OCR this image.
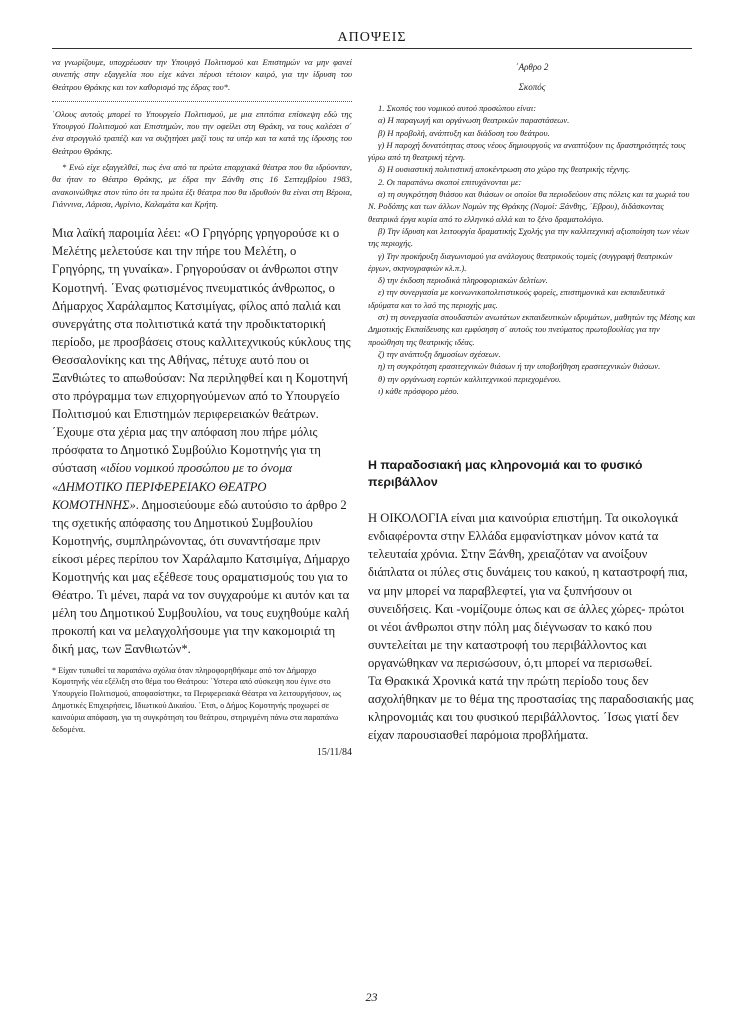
ΑΠΟΨΕΙΣ

να γνωρίζουμε, υποχρέωσαν την Υπουργό Πολιτισμού και Επιστημών να μην φανεί συνεπής στην εξαγγελία που είχε κάνει πέρυσι τέτοιον καιρό, για την ίδρυση του Θεάτρου Θράκης και τον καθορισμό της έδρας του*.

΄Ολους αυτούς μπορεί το Υπουργείο Πολιτισμού, με μια επιτόπια επίσκεψη εδώ της Υπουργού Πολιτισμού και Επιστημών, που την οφείλει στη Θράκη, να τους καλέσει σ΄ ένα στρογγυλό τραπέζι και να συζητήσει μαζί τους τα υπέρ και τα κατά της ίδρυσης του Θεάτρου Θράκης.

* Ενώ είχε εξαγγελθεί, πως ένα από τα πρώτα επαρχιακά θέατρα που θα ιδρύονταν, θα ήταν το Θέατρο Θράκης, με έδρα την Ξάνθη στις 16 Σεπτεμβρίου 1983, ανακοινώθηκε στον τύπο ότι τα πρώτα έξι θέατρα που θα ιδρυθούν θα είναι στη Βέροια, Γιάννινα, Λάρισα, Αγρίνιο, Καλαμάτα και Κρήτη.

Μια λαϊκή παροιμία λέει: «Ο Γρηγόρης γρηγορούσε κι ο Μελέτης μελετούσε και την πήρε του Μελέτη, ο Γρηγόρης, τη γυναίκα». Γρηγορούσαν οι άνθρωποι στην Κομοτηνή. ΄Ενας φωτισμένος πνευματικός άνθρωπος, ο Δήμαρχος Χαράλαμπος Κατσιμίγας, φίλος από παλιά και συνεργάτης στα πολιτιστικά κατά την προδικτατορική περίοδο, με προσβάσεις στους καλλιτεχνικούς κύκλους της Θεσσαλονίκης και της Αθήνας, πέτυχε αυτό που οι Ξανθιώτες το απωθούσαν: Να περιληφθεί και η Κομοτηνή στο πρόγραμμα των επιχορηγούμενων από το Υπουργείο Πολιτισμού και Επιστημών περιφερειακών θεάτρων.

΄Εχουμε στα χέρια μας την απόφαση που πήρε μόλις πρόσφατα το Δημοτικό Συμβούλιο Κομοτηνής για τη σύσταση «ιδίου νομικού προσώπου με το όνομα «ΔΗΜΟΤΙΚΟ ΠΕΡΙΦΕΡΕΙΑΚΟ ΘΕΑΤΡΟ ΚΟΜΟΤΗΝΗΣ». Δημοσιεύουμε εδώ αυτούσιο το άρθρο 2 της σχετικής απόφασης του Δημοτικού Συμβουλίου Κομοτηνής, συμπληρώνοντας, ότι συναντήσαμε πριν είκοσι μέρες περίπου τον Χαράλαμπο Κατσιμίγα, Δήμαρχο Κομοτηνής και μας εξέθεσε τους οραματισμούς του για το Θέατρο. Τι μένει, παρά να τον συγχαρούμε κι αυτόν και τα μέλη του Δημοτικού Συμβουλίου, να τους ευχηθούμε καλή προκοπή και να μελαγχολήσουμε για την κακομοιριά τη δική μας, των Ξανθιωτών*.

* Είχαν τυπωθεί τα παραπάνω σχόλια όταν πληροφορηθήκαμε από τον Δήμαρχο Κομοτηνής νέα εξέλιξη στο θέμα του Θεάτρου: ΄Υστερα από σύσκεψη που έγινε στο Υπουργείο Πολιτισμού, αποφασίστηκε, τα Περιφερειακά Θέατρα να λειτουργήσουν, ως Δημοτικές Επιχειρήσεις, Ιδιωτικού Δικαίου. ΄Ετσι, ο Δήμος Κομοτηνής προχωρεί σε καινούρια απόφαση, για τη συγκρότηση του θεάτρου, στηριγμένη πάνω στα παραπάνω δεδομένα.

15/11/84
΄Αρθρο 2
Σκοπός

1. Σκοπός του νομικού αυτού προσώπου είναι:

α) Η παραγωγή και οργάνωση θεατρικών παραστάσεων.

β) Η προβολή, ανάπτυξη και διάδοση του θεάτρου.

γ) Η παροχή δυνατότητας στους νέους δημιουργούς να αναπτύξουν τις δραστηριότητές τους γύρω από τη θεατρική τέχνη.

δ) Η ουσιαστική πολιτιστική αποκέντρωση στο χώρο της θεατρικής τέχνης.

2. Οι παραπάνω σκοποί επιτυχάνονται με:

α) τη συγκρότηση θιάσου και θιάσων οι οποίοι θα περιοδεύουν στις πόλεις και τα χωριά του Ν. Ροδόπης και των άλλων Νομών της Θράκης (Νομοί: Ξάνθης, ΄Εβρου), διδάσκοντας θεατρικά έργα κυρία από το ελληνικό αλλά και το ξένο δραματολόγιο.

β) Την ίδρυση και λειτουργία δραματικής Σχολής για την καλλιτεχνική αξιοποίηση των νέων της περιοχής.

γ) Την προκήρυξη διαγωνισμού για ανάλογους θεατρικούς τομείς (συγγραφή θεατρικών έργων, σκηνογραφιών κλ.π.).

δ) την έκδοση περιοδικά πληροφοριακών δελτίων.

ε) την συνεργασία με κοινωνικοπολιτιστικούς φορείς, επιστημονικά και εκπαιδευτικά ιδρύματα και το λαό της περιοχής μας.

στ) τη συνεργασία σπουδαστών ανωτάτων εκπαιδευτικών ιδρυμάτων, μαθητών της Μέσης και Δημοτικής Εκπαίδευσης και εμφύσηση σ΄ αυτούς του πνεύματος πρωτοβουλίας για την προώθηση της θεατρικής ιδέας.

ζ) την ανάπτυξη δημοσίων σχέσεων.

η) τη συγκρότηση ερασιτεχνικών θιάσων ή την υποβοήθηση ερασιτεχνικών θιάσων.

θ) την οργάνωση εορτών καλλιτεχνικού περιεχομένου.

ι) κάθε πρόσφορο μέσο.

Η παραδοσιακή μας κληρονομιά και το φυσικό περιβάλλον

Η ΟΙΚΟΛΟΓΙΑ είναι μια καινούρια επιστήμη. Τα οικολογικά ενδιαφέροντα στην Ελλάδα εμφανίστηκαν μόνον κατά τα τελευταία χρόνια. Στην Ξάνθη, χρειαζόταν να ανοίξουν διάπλατα οι πύλες στις δυνάμεις του κακού, η καταστροφή πια, να μην μπορεί να παραβλεφτεί, για να ξυπνήσουν οι συνειδήσεις. Και -νομίζουμε όπως και σε άλλες χώρες- πρώτοι οι νέοι άνθρωποι στην πόλη μας διέγνωσαν το κακό που συντελείται με την καταστροφή του περιβάλλοντος και οργανώθηκαν να περισώσουν, ό,τι μπορεί να περισωθεί.

Τα Θρακικά Χρονικά κατά την πρώτη περίοδο τους δεν ασχολήθηκαν με το θέμα της προστασίας της παραδοσιακής μας κληρονομιάς και του φυσικού περιβάλλοντος. ΄Ισως γιατί δεν είχαν παρουσιασθεί παρόμοια προβλήματα.

23
